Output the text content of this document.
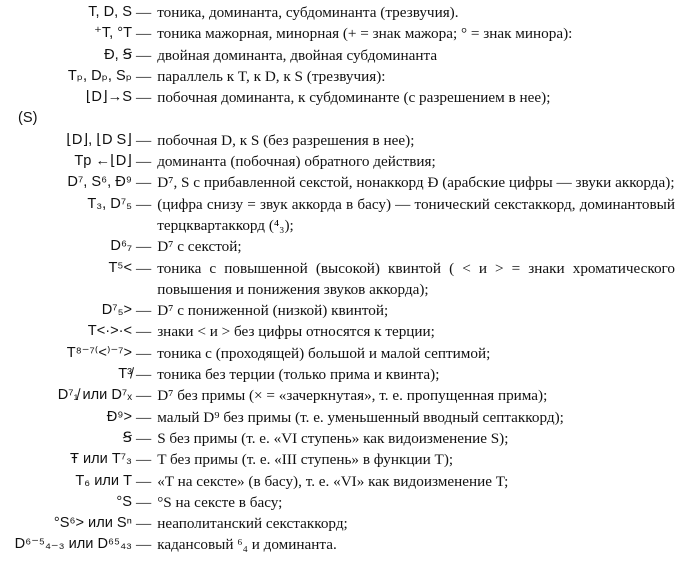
T, D, S — тоника, доминанта, субдоминанта (трезвучия).
⁺T, °T — тоника мажорная, минорная (+ = знак мажора; ° = знак минора):
Ð, Ꞩ — двойная доминанта, двойная субдоминанта
Tₚ, Dₚ, Sₚ — параллель к T, к D, к S (трезвучия):
⌊D⌋→S — побочная доминанта, к субдоминанте (с разрешением в нее);
(S)
⌊D⌋, ⌊D S⌋ — побочная D, к S (без разрешения в нее);
Tp ←⌊D⌋ — доминанта (побочная) обратного действия;
D⁷, S⁶, Ð⁹ — D⁷, S с прибавленной секстой, нонаккорд Ð (арабские цифры — звуки аккорда);
T₃, D⁷₅ — (цифра снизу = звук аккорда в басу) — тонический секстаккорд, доминантовый терцквартаккорд (⁴₃);
D⁶₇ — D⁷ с секстой;
T⁵< — тоника с повышенной (высокой) квинтой ( < и > = знаки хроматического повышения и понижения звуков аккорда);
D⁷₅> — D⁷ с пониженной (низкой) квинтой;
T<·>·< — знаки < и > без цифры относятся к терции;
T⁸⁻⁷⁽<⁾⁻⁷> — тоника с (проходящей) большой и малой септимой;
T³̸ — тоника без терции (только прима и квинта);
D⁷₁̸ или D⁷ₓ — D⁷ без примы (× = «зачеркнутая», т. е. пропущенная прима);
Ð⁹> — малый D⁹ без примы (т. е. уменьшенный вводный септаккорд);
Ꞩ — S без примы (т. е. «VI ступень» как видоизменение S);
Ŧ или T⁷₃ — T без примы (т. е. «III ступень» в функции T);
T₆ или T — «T на сексте» (в басу), т. е. «VI» как видоизменение T;
°S — °S на сексте в басу;
°S⁶> или Sⁿ — неаполитанский секстаккорд;
D⁶⁻⁵₄₋₃ или D⁶⁵₄₃ — кадансовый ⁶₄ и доминанта.
